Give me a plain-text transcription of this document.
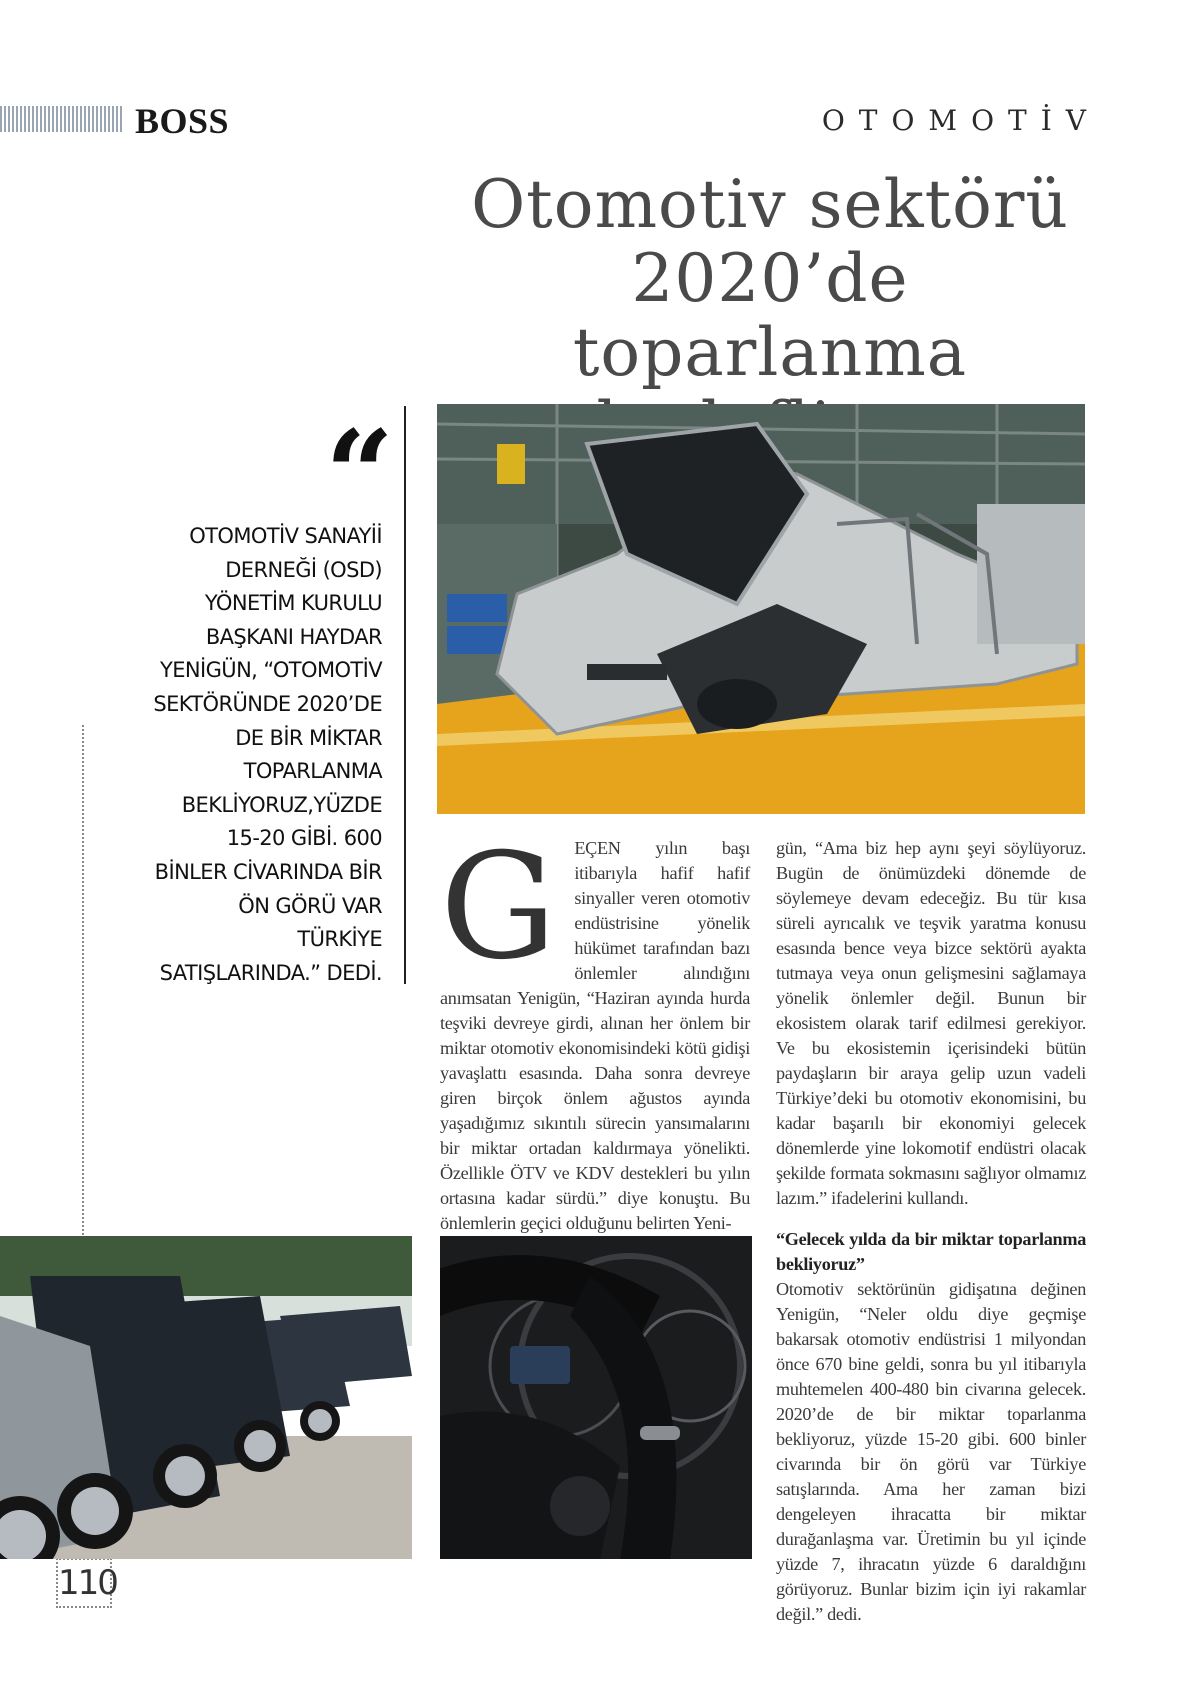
BOSS	OTOMOTİV
Otomotiv sektörü
2020’de toparlanma
“
OTOMOTİV SANAYİİ DERNEĞİ (OSD) YÖNETİM KURULU BAŞKANI HAYDAR YENİGÜN, “OTOMOTİV SEKTÖRÜNDE 2020’DE DE BİR MİKTAR TOPARLANMA BEKLİYORUZ,YÜZDE 15-20 GİBİ. 600 BİNLER CİVARINDA BİR ÖN GÖRÜ VAR TÜRKİYE SATIŞLARINDA.” DEDİ.
110
G EÇEN yılın başı itibarıyla hafif hafif sinyaller veren otomotiv endüstrisine yönelik hükümet tarafından bazı önlemler alındığını anımsatan Yenigün, “Haziran ayında hurda teşviki devreye girdi, alınan her önlem bir miktar otomotiv ekonomisindeki kötü gidişi yavaşlattı esasında. Daha sonra devreye giren birçok önlem ağustos ayında yaşadığımız sıkıntılı sürecin yansımalarını bir miktar ortadan kaldırmaya yönelikti. Özellikle ÖTV ve KDV destekleri bu yılın ortasına kadar sürdü.” diye konuştu. Bu önlemlerin geçici olduğunu belirten Yeni-

gün, “Ama biz hep aynı şeyi söylüyoruz. Bugün de önümüzdeki dönemde de söylemeye devam edeceğiz. Bu tür kısa süreli ayrıcalık ve teşvik yaratma konusu esasında bence veya bizce sektörü ayakta tutmaya veya onun gelişmesini sağlamaya yönelik önlemler değil. Bunun bir ekosistem olarak tarif edilmesi gerekiyor. Ve bu ekosistemin içerisindeki bütün paydaşların bir araya gelip uzun vadeli Türkiye’deki bu otomotiv ekonomisini, bu kadar başarılı bir ekonomiyi gelecek dönemlerde yine lokomotif endüstri olacak şekilde formata sokmasını sağlıyor olmamız lazım.” ifadelerini kullandı.

“Gelecek yılda da bir miktar toparlanma bekliyoruz”

Otomotiv sektörünün gidişatına değinen Yenigün, “Neler oldu diye geçmişe bakarsak otomotiv endüstrisi 1 milyondan önce 670 bine geldi, sonra bu yıl itibarıyla muhtemelen 400-480 bin civarına gelecek. 2020’de de bir miktar toparlanma bekliyoruz, yüzde 15-20 gibi. 600 binler civarında bir ön görü var Türkiye satışlarında. Ama her zaman bizi dengeleyen ihracatta bir miktar durağanlaşma var. Üretimin bu yıl içinde yüzde 7, ihracatın yüzde 6 daraldığını görüyoruz. Bunlar bizim için iyi rakamlar değil.” dedi.
